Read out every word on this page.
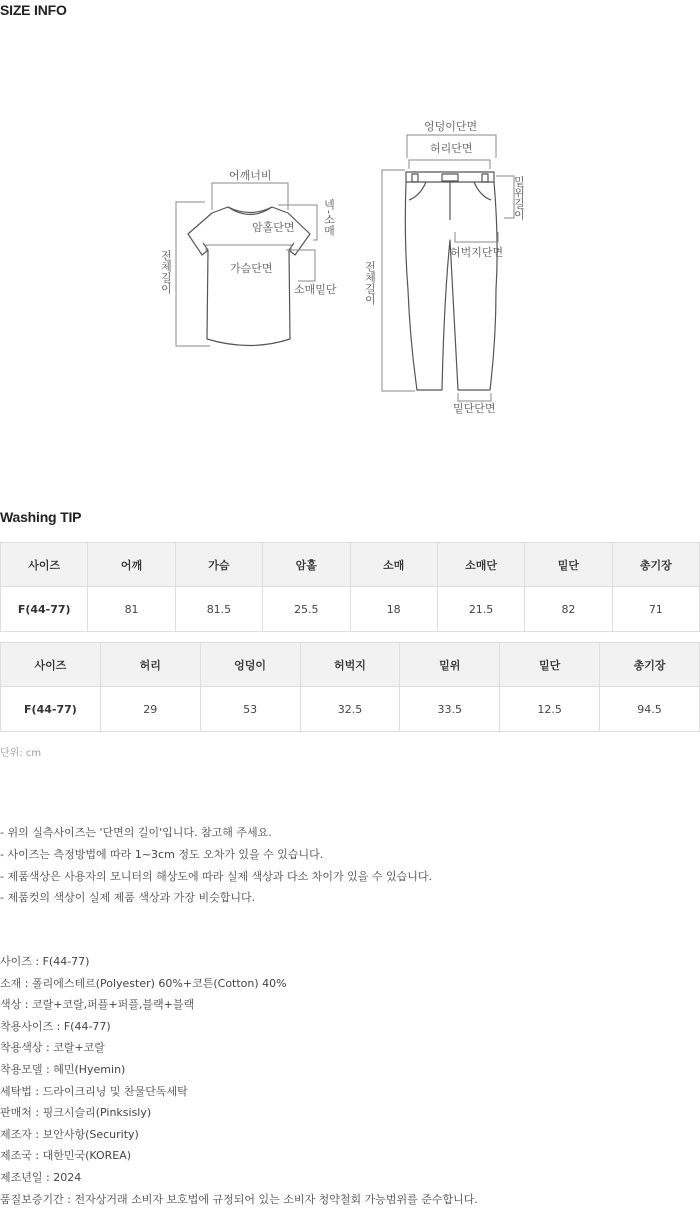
SIZE INFO
어깨너비
암홀단면
가슴단면
소매밑단
넥-소매
전체길이
엉덩이단면
허리단면
밑위길이
허벅지단면
전체길이
밑단단면
Washing TIP
사이즈	어깨	가슴	암홀	소매	소매단	밑단	총기장
F(44-77)	81	81.5	25.5	18	21.5	82	71
사이즈	허리	엉덩이	허벅지	밑위	밑단	총기장
F(44-77)	29	53	32.5	33.5	12.5	94.5

단위: cm

- 위의 실측사이즈는 '단면의 길이'입니다. 참고해 주세요.
- 사이즈는 측정방법에 따라 1~3cm 정도 오차가 있을 수 있습니다.
- 제품색상은 사용자의 모니터의 해상도에 따라 실제 색상과 다소 차이가 있을 수 있습니다.
- 제품컷의 색상이 실제 제품 색상과 가장 비슷합니다.
사이즈 : F(44-77)
소재 : 폴리에스테르(Polyester) 60%+코튼(Cotton) 40%
색상 : 코랄+코랄,퍼플+퍼플,블랙+블랙
착용사이즈 : F(44-77)
착용색상 : 코랄+코랄
착용모델 : 혜민(Hyemin)
세탁법 : 드라이크리닝 및 찬물단독세탁
판매처 : 핑크시슬리(Pinksisly)
제조자 : 보안사항(Security)
제조국 : 대한민국(KOREA)
제조년일 : 2024
품질보증기간 : 전자상거래 소비자 보호법에 규정되어 있는 소비자 청약철회 가능범위를 준수합니다.
